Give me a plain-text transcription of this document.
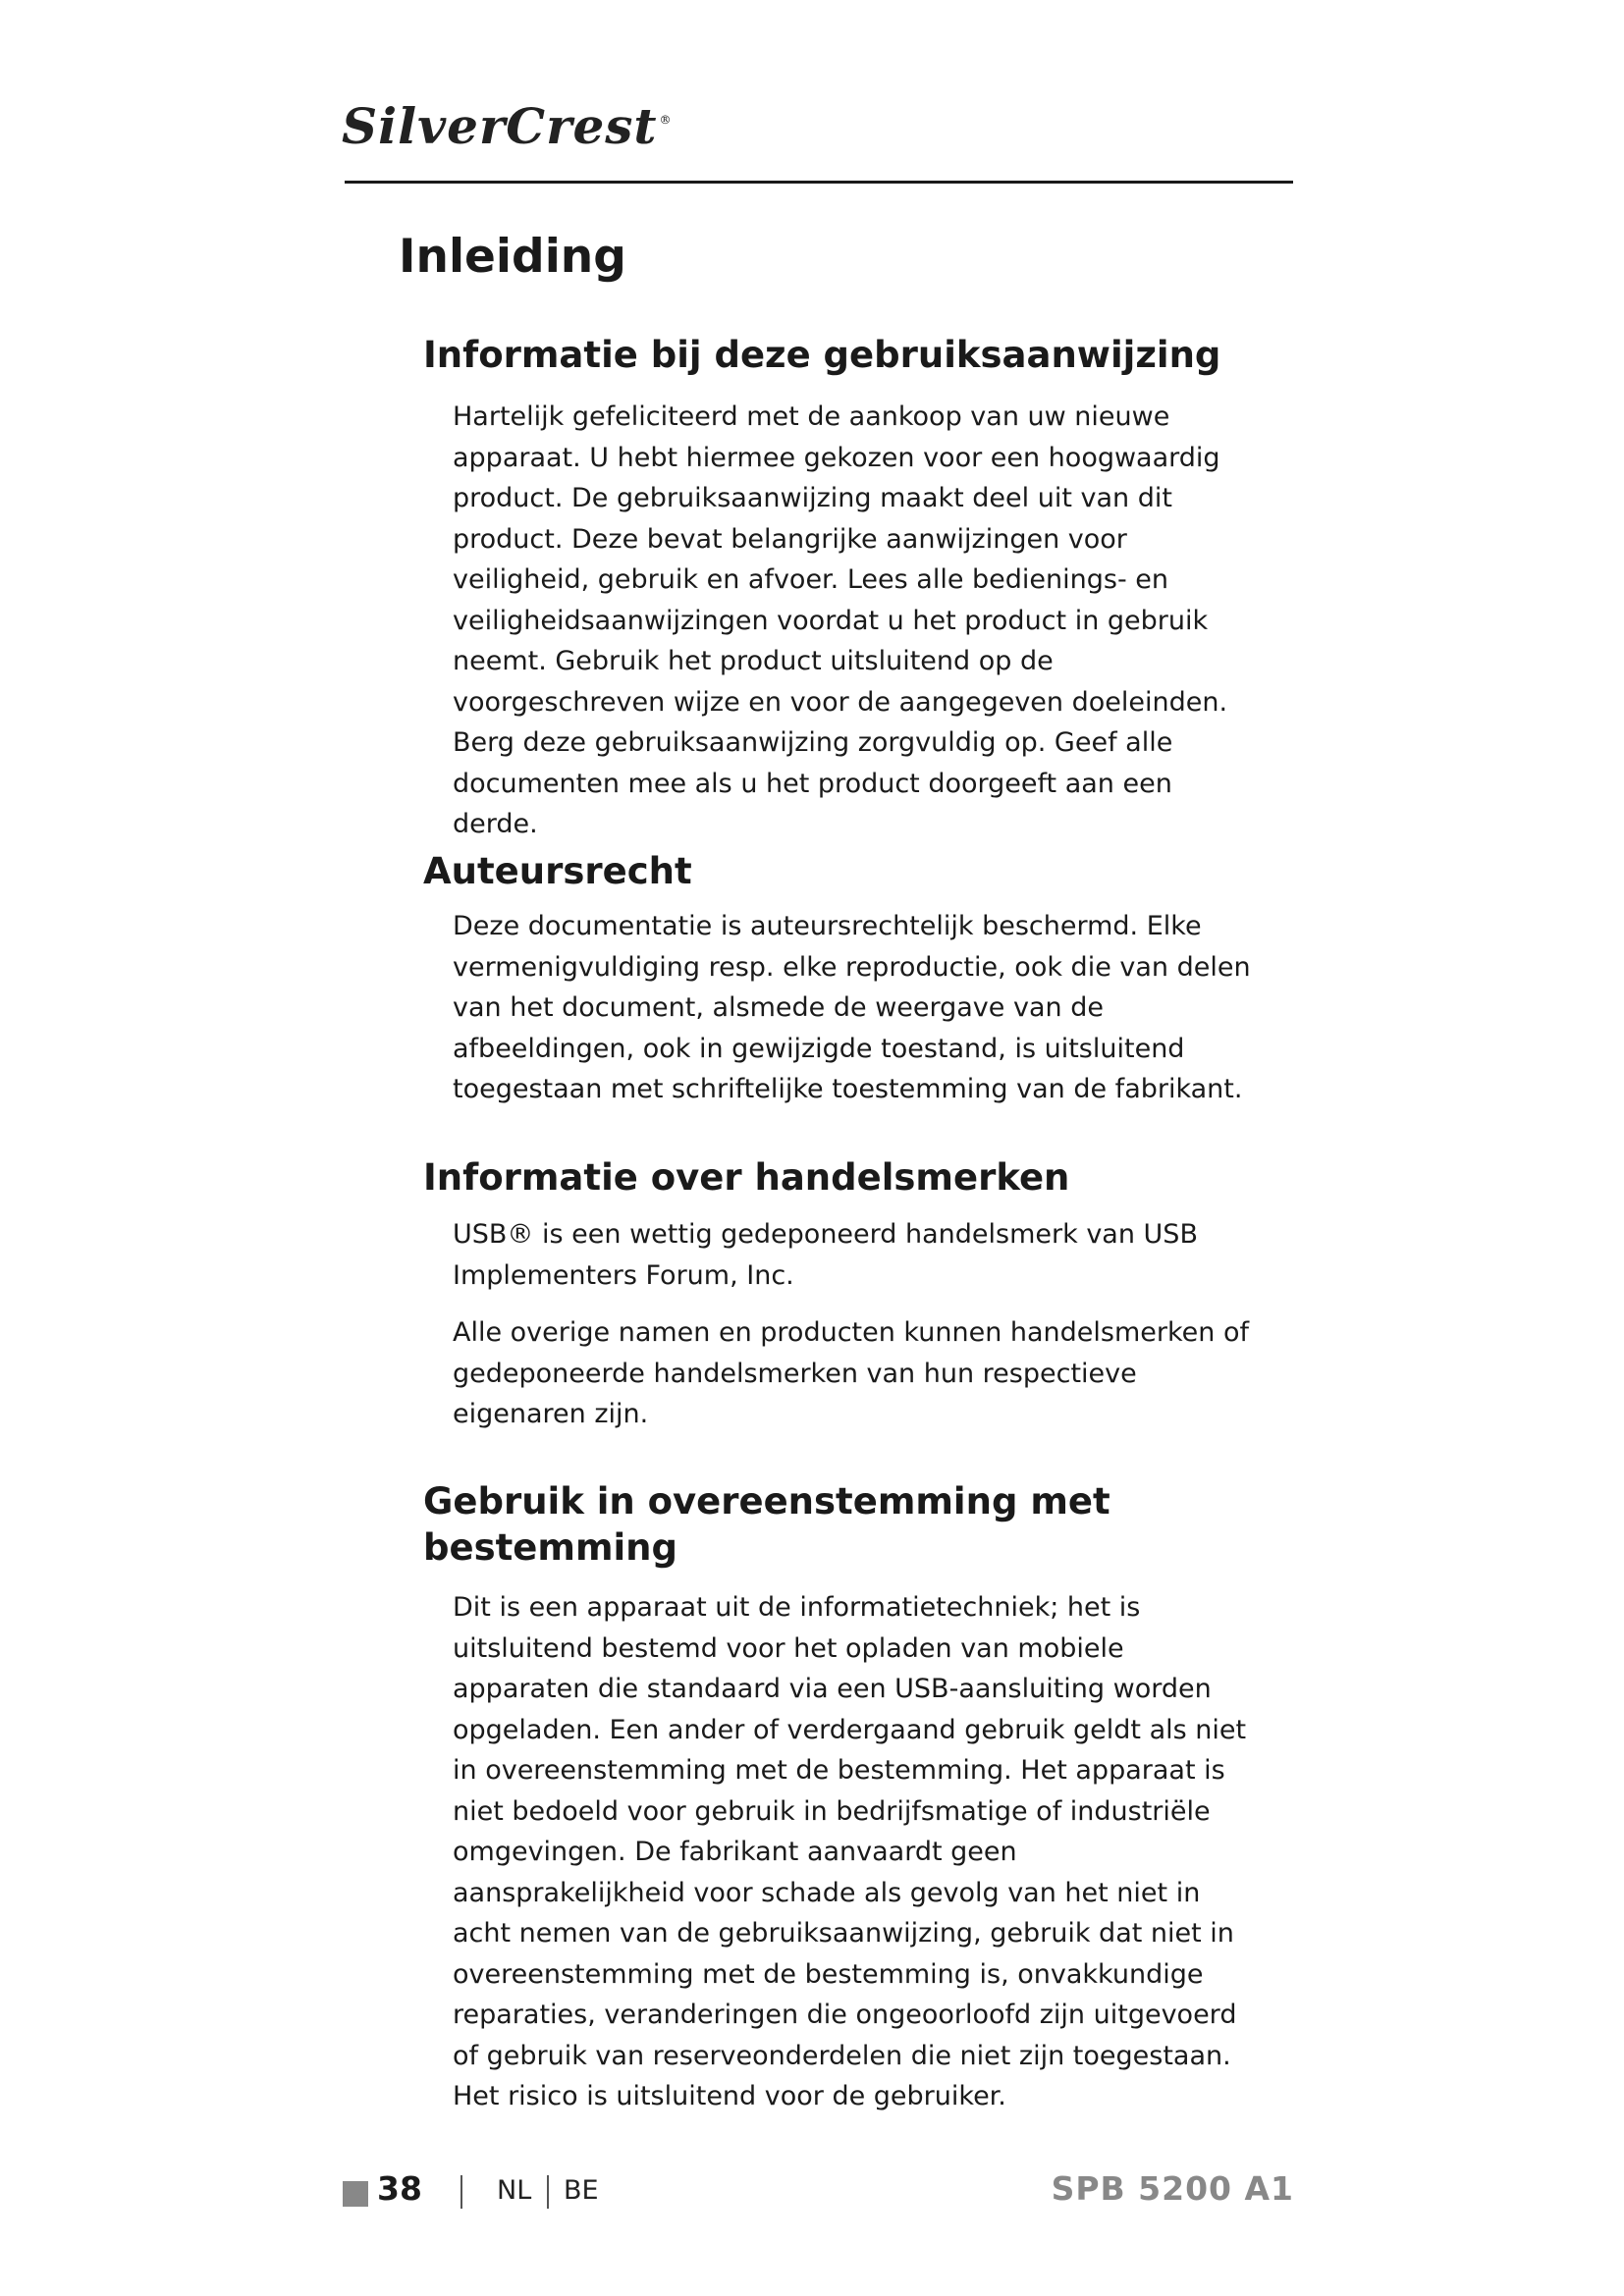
SilverCrest ®
Inleiding
Informatie bij deze gebruiksaanwijzing

Hartelijk gefeliciteerd met de aankoop van uw nieuwe apparaat. U hebt hiermee gekozen voor een hoogwaardig product. De gebruiksaanwijzing maakt deel uit van dit product. Deze bevat belangrijke aanwijzingen voor veiligheid, gebruik en afvoer. Lees alle bedienings- en veiligheidsaanwijzingen voordat u het product in gebruik neemt. Gebruik het product uitsluitend op de voorgeschreven wijze en voor de aangegeven doeleinden.

Berg deze gebruiksaanwijzing zorgvuldig op. Geef alle documenten mee als u het product doorgeeft aan een derde.

Auteursrecht

Deze documentatie is auteursrechtelijk beschermd. Elke vermenigvuldiging resp. elke reproductie, ook die van delen van het document, alsmede de weergave van de afbeeldingen, ook in gewijzigde toestand, is uitsluitend toegestaan met schriftelijke toestemming van de fabrikant.

Informatie over handelsmerken

USB® is een wettig gedeponeerd handelsmerk van USB Implementers Forum, Inc.

Alle overige namen en producten kunnen handelsmerken of gedeponeerde handelsmerken van hun respectieve eigenaren zijn.

Gebruik in overeenstemming met bestemming

Dit is een apparaat uit de informatietechniek; het is uitsluitend bestemd voor het opladen van mobiele apparaten die standaard via een USB-aansluiting worden opgeladen. Een ander of verdergaand gebruik geldt als niet in overeenstemming met de bestemming. Het apparaat is niet bedoeld voor gebruik in bedrijfsmatige of industriële omgevingen. De fabrikant aanvaardt geen aansprakelijkheid voor schade als gevolg van het niet in acht nemen van de gebruiksaanwijzing, gebruik dat niet in overeenstemming met de bestemming is, onvakkundige reparaties, veranderingen die ongeoorloofd zijn uitgevoerd of gebruik van reserveonderdelen die niet zijn toegestaan. Het risico is uitsluitend voor de gebruiker.

38	NL BE	SPB 5200 A1
